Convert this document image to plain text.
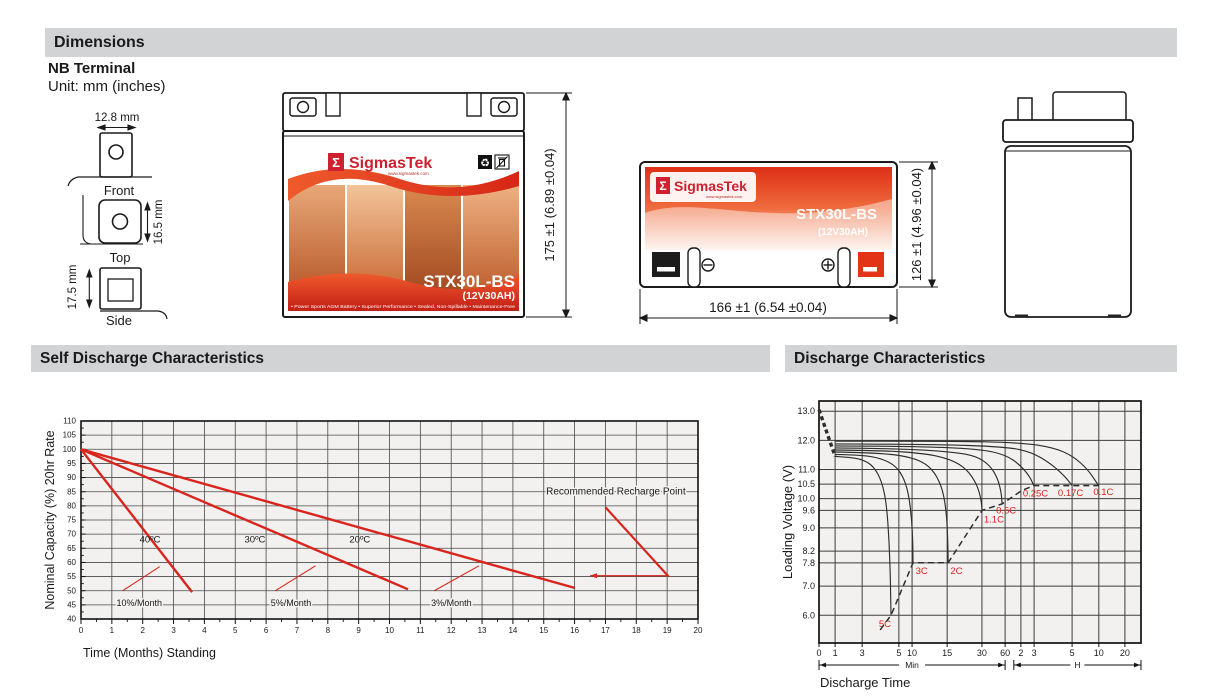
Dimensions
NB Terminal
Unit: mm (inches)
12.8 mm
Front
16.5 mm
Top
17.5 mm
Side
Σ SigmasTek
www.sigmastek.com
♻
STX30L-BS
(12V30AH)
• Power Sports AGM Battery • Superior Performance • Sealed, Non-Spillable • Maintenance-Free
175 ±1 (6.89 ±0.04)	Σ SigmasTek
www.sigmastek.com
STX30L-BS
(12V30AH)
166 ±1 (6.54 ±0.04)
126 ±1 (4.96 ±0.04)
Self Discharge Characteristics	Discharge Characteristics
0	1	2	3	4	5	6	7	8	9	10	11	12	13	14	15	16	17	18	19	20
40
45
50
55
60
65
70
75
80
85
90
95
100
105
110
40ºC	30ºC	20ºC
10%/Month	5%/Month	3%/Month
Recommended Recharge Point
Nominal Capacity (%) 20hr Rate
Time (Months) Standing	0 1 3	5 10	15	30 60 2 3	5 10 20
13.0
12.0
11.0
10.5
10.0
9.6
9.0
8.2
7.8
7.0
6.0
5C
3C 2C
1.1C
0.6C
0.25C 0.17C 0.1C
Min	H
Loading Voltage (V)
Discharge Time
